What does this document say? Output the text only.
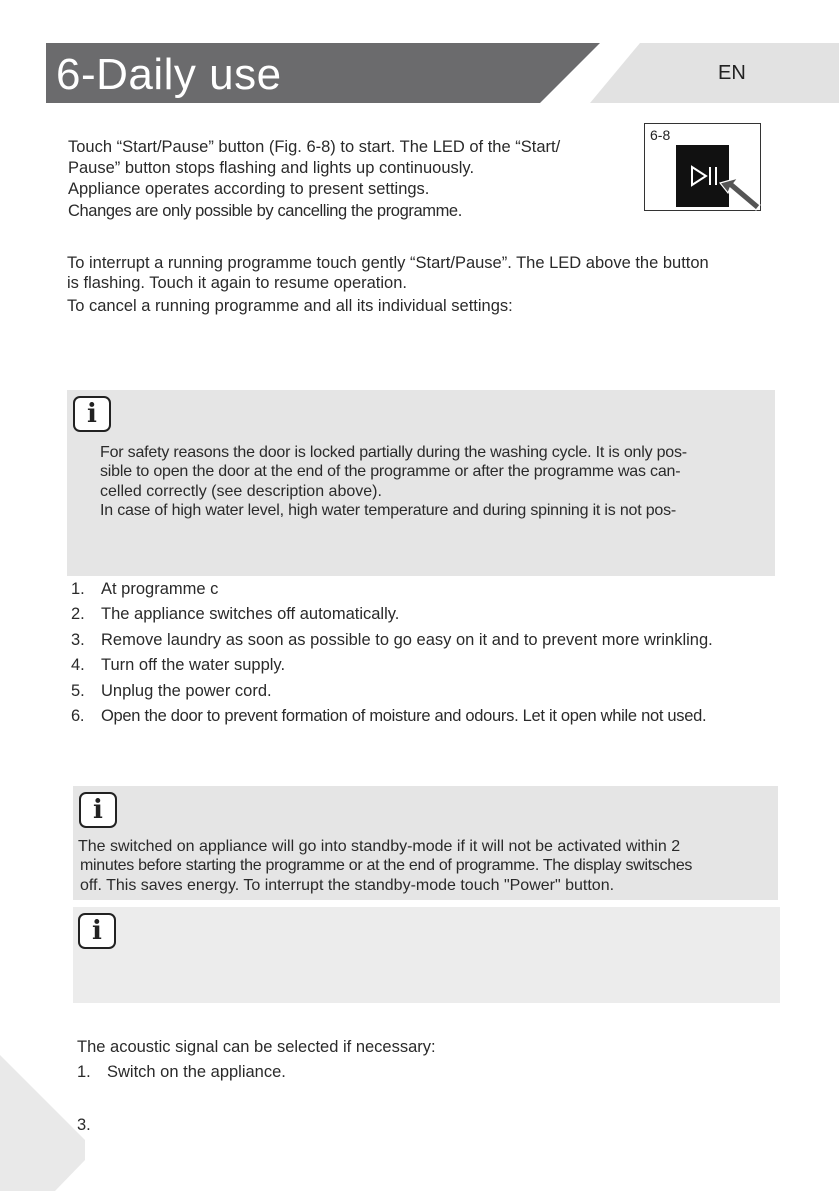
6-Daily use	EN
Touch “Start/Pause” button (Fig. 6-8) to start. The LED of the “Start/
Pause” button stops flashing and lights up continuously.
Appliance operates according to present settings.
Changes are only possible by cancelling the programme.
6-8
To interrupt a running programme touch gently “Start/Pause”. The LED above the button
is flashing. Touch it again to resume operation.
To cancel a running programme and all its individual settings:
i
For safety reasons the door is locked partially during the washing cycle. It is only pos-
sible to open the door at the end of the programme or after the programme was can-
celled correctly (see description above).
In case of high water level, high water temperature and during spinning it is not pos-
1. At programme c
2. The appliance switches off automatically.
3. Remove laundry as soon as possible to go easy on it and to prevent more wrinkling.
4. Turn off the water supply.
5. Unplug the power cord.
6. Open the door to prevent formation of moisture and odours. Let it open while not used.
i
The switched on appliance will go into standby-mode if it will not be activated within 2
minutes before starting the programme or at the end of programme. The display switsches
off. This saves energy. To interrupt the standby-mode touch "Power" button.
i
The acoustic signal can be selected if necessary:
1. Switch on the appliance.
3.
